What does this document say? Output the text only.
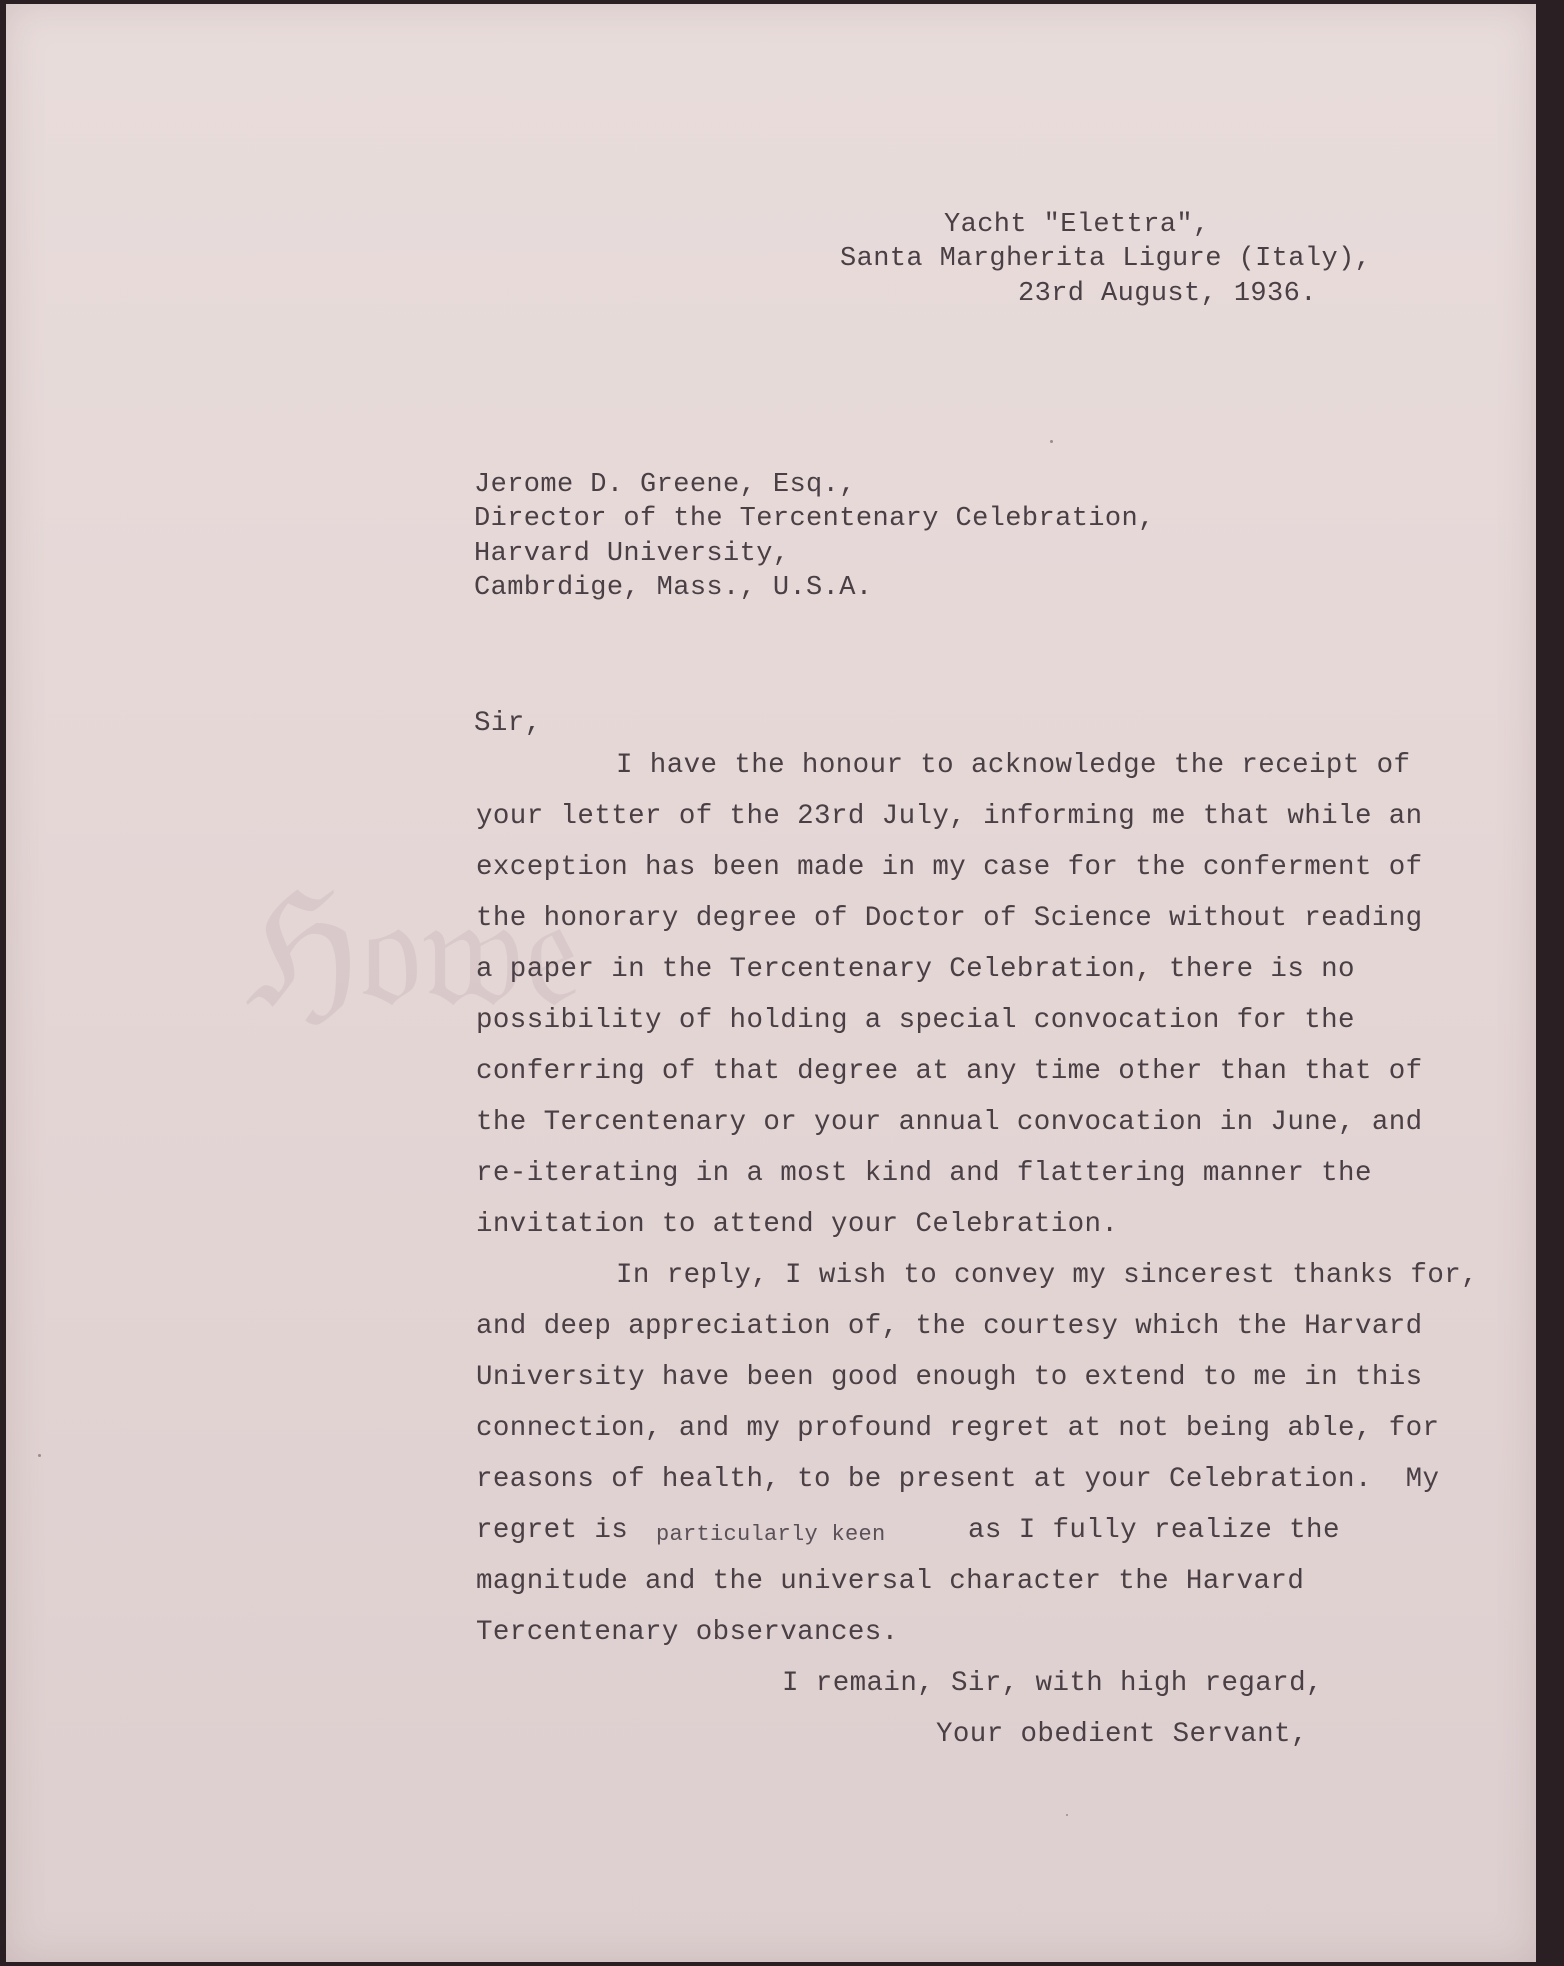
ℌ𝔬𝔴𝔢
Yacht "Elettra",
Santa Margherita Ligure (Italy),
23rd August, 1936.
Jerome D. Greene, Esq.,
Director of the Tercentenary Celebration,
Harvard University,
Cambrdige, Mass., U.S.A.
Sir,
I have the honour to acknowledge the receipt of
your letter of the 23rd July, informing me that while an
exception has been made in my case for the conferment of
the honorary degree of Doctor of Science without reading
a paper in the Tercentenary Celebration, there is no
possibility of holding a special convocation for the
conferring of that degree at any time other than that of
the Tercentenary or your annual convocation in June, and
re-iterating in a most kind and flattering manner the
invitation to attend your Celebration.
In reply, I wish to convey my sincerest thanks for,
and deep appreciation of, the courtesy which the Harvard
University have been good enough to extend to me in this
connection, and my profound regret at not being able, for
reasons of health, to be present at your Celebration.  My
regret is particularly keen	as I fully realize the
magnitude and the universal character the Harvard
Tercentenary observances.
I remain, Sir, with high regard,
Your obedient Servant,
